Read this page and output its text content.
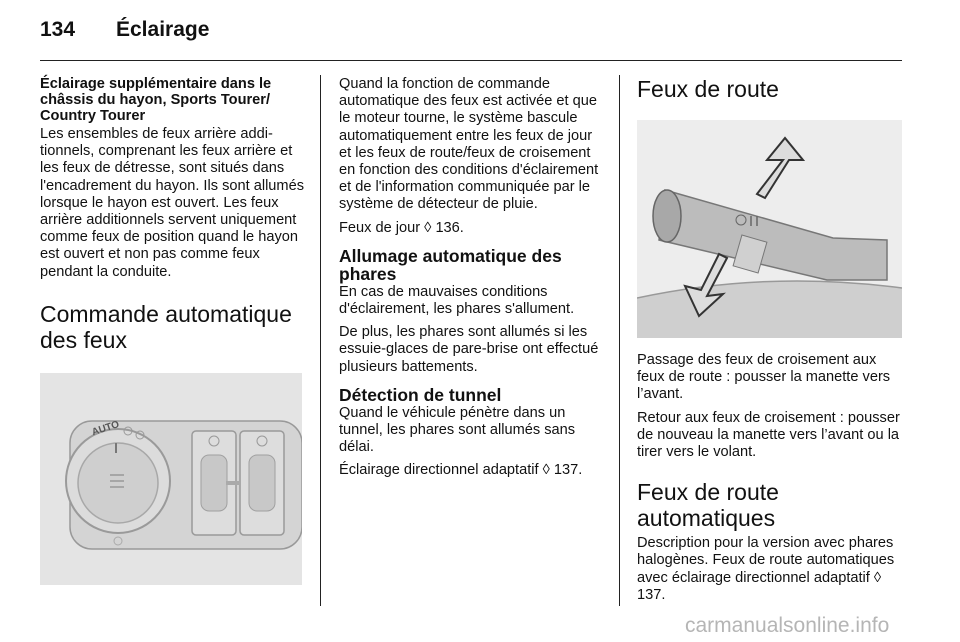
134 Éclairage
Éclairage supplémentaire dans le châssis du hayon, Sports Tourer/ Country Tourer
Les ensembles de feux arrière additionnels, comprenant les feux arrière et les feux de détresse, sont situés dans l'encadrement du hayon. Ils sont allumés lorsque le hayon est ouvert. Les feux arrière additionnels servent uniquement comme feux de position quand le hayon est ouvert et non pas comme feux pendant la conduite.
Commande automatique des feux
AUTO
Quand la fonction de commande automatique des feux est activée et que le moteur tourne, le système bascule automatiquement entre les feux de jour et les feux de route/feux de croisement en fonction des conditions d'éclairement et de l'information communiquée par le système de détecteur de pluie.
Feux de jour ◊ 136.
Allumage automatique des phares
En cas de mauvaises conditions d'éclairement, les phares s'allument.
De plus, les phares sont allumés si les essuie-glaces de pare-brise ont effectué plusieurs battements.
Détection de tunnel
Quand le véhicule pénètre dans un tunnel, les phares sont allumés sans délai.
Éclairage directionnel adaptatif ◊ 137.
Feux de route
Passage des feux de croisement aux feux de route : pousser la manette vers l’avant.
Retour aux feux de croisement : pousser de nouveau la manette vers l’avant ou la tirer vers le volant.
Feux de route automatiques
Description pour la version avec phares halogènes. Feux de route automatiques avec éclairage directionnel adaptatif ◊ 137.
carmanualsonline.info
